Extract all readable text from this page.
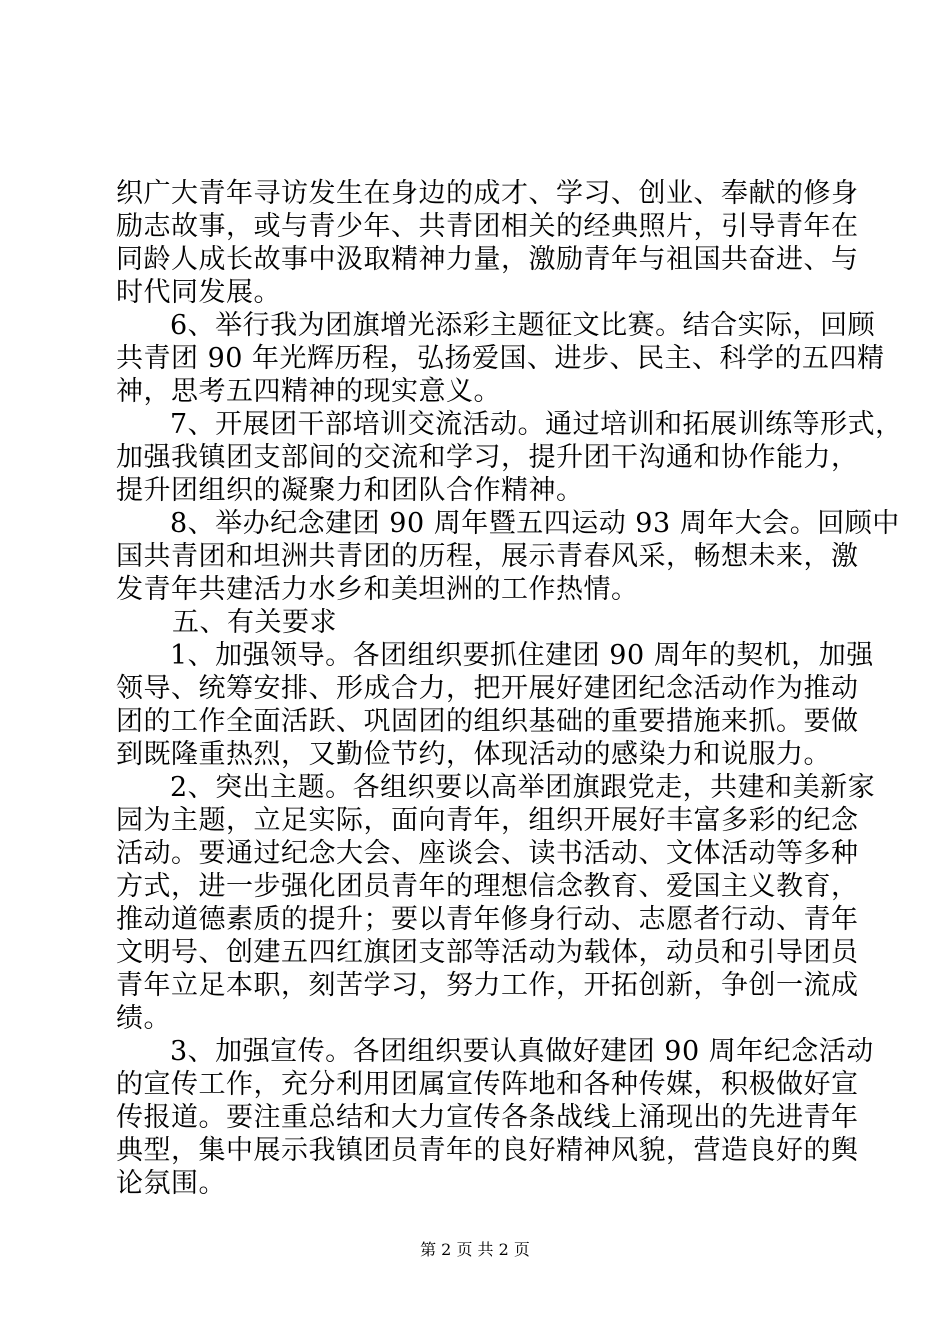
织广大青年寻访发生在身边的成才、学习、创业、奉献的修身
励志故事，或与青少年、共青团相关的经典照片，引导青年在
同龄人成长故事中汲取精神力量，激励青年与祖国共奋进、与
时代同发展。
6、举行我为团旗增光添彩主题征文比赛。结合实际，回顾
共青团 90 年光辉历程，弘扬爱国、进步、民主、科学的五四精
神，思考五四精神的现实意义。
7、开展团干部培训交流活动。通过培训和拓展训练等形式，
加强我镇团支部间的交流和学习，提升团干沟通和协作能力，
提升团组织的凝聚力和团队合作精神。
8、举办纪念建团 90 周年暨五四运动 93 周年大会。回顾中
国共青团和坦洲共青团的历程，展示青春风采，畅想未来，激
发青年共建活力水乡和美坦洲的工作热情。
五、有关要求
1、加强领导。各团组织要抓住建团 90 周年的契机，加强
领导、统筹安排、形成合力，把开展好建团纪念活动作为推动
团的工作全面活跃、巩固团的组织基础的重要措施来抓。要做
到既隆重热烈，又勤俭节约，体现活动的感染力和说服力。
2、突出主题。各组织要以高举团旗跟党走，共建和美新家
园为主题，立足实际，面向青年，组织开展好丰富多彩的纪念
活动。要通过纪念大会、座谈会、读书活动、文体活动等多种
方式，进一步强化团员青年的理想信念教育、爱国主义教育，
推动道德素质的提升；要以青年修身行动、志愿者行动、青年
文明号、创建五四红旗团支部等活动为载体，动员和引导团员
青年立足本职，刻苦学习，努力工作，开拓创新，争创一流成
绩。
3、加强宣传。各团组织要认真做好建团 90 周年纪念活动
的宣传工作，充分利用团属宣传阵地和各种传媒，积极做好宣
传报道。要注重总结和大力宣传各条战线上涌现出的先进青年
典型，集中展示我镇团员青年的良好精神风貌，营造良好的舆
论氛围。
第 2 页 共 2 页
